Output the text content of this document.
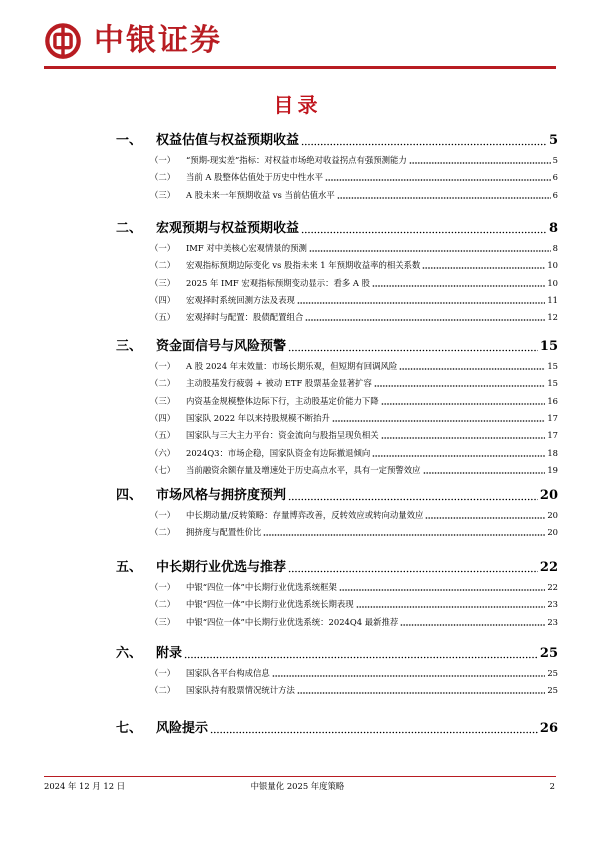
中银证券
目录
一、	权益估值与权益预期收益	5
（一）	“预期-现实差”指标：对权益市场绝对收益拐点有强预测能力	5
（二）	当前 A 股整体估值处于历史中性水平	6
（三）	A 股未来一年预期收益 vs 当前估值水平	6
二、	宏观预期与权益预期收益	8
（一）	IMF 对中美核心宏观情景的预测	8
（二）	宏观指标预期边际变化 vs 股指未来 1 年预期收益率的相关系数	10
（三）	2025 年 IMF 宏观指标预期变动显示：看多 A 股	10
（四）	宏观择时系统回测方法及表现	11
（五）	宏观择时与配置：股债配置组合	12
三、	资金面信号与风险预警	15
（一）	A 股 2024 年末效量：市场长期乐观，但短期有回调风险	15
（二）	主动股基发行疲弱 + 被动 ETF 股票基金显著扩容	15
（三）	内资基金规模整体边际下行，主动股基定价能力下降	16
（四）	国家队 2022 年以来持股规模不断抬升	17
（五）	国家队与三大主力平台：资金流向与股指呈现负相关	17
（六）	2024Q3：市场企稳，国家队资金有边际撤退倾向	18
（七）	当前融资余额存量及增速处于历史高点水平，具有一定预警效应	19
四、	市场风格与拥挤度预判	20
（一）	中长期动量/反转策略：存量博弈改善，反转效应或转向动量效应	20
（二）	拥挤度与配置性价比	20
五、	中长期行业优选与推荐	22
（一）	中银“四位一体”中长期行业优选系统框架	22
（二）	中银“四位一体”中长期行业优选系统长期表现	23
（三）	中银“四位一体”中长期行业优选系统：2024Q4 最新推荐	23
六、	附录	25
（一）	国家队各平台构成信息	25
（二）	国家队持有股票情况统计方法	25
七、	风险提示	26
2024 年 12 月 12 日	中银量化 2025 年度策略	2
